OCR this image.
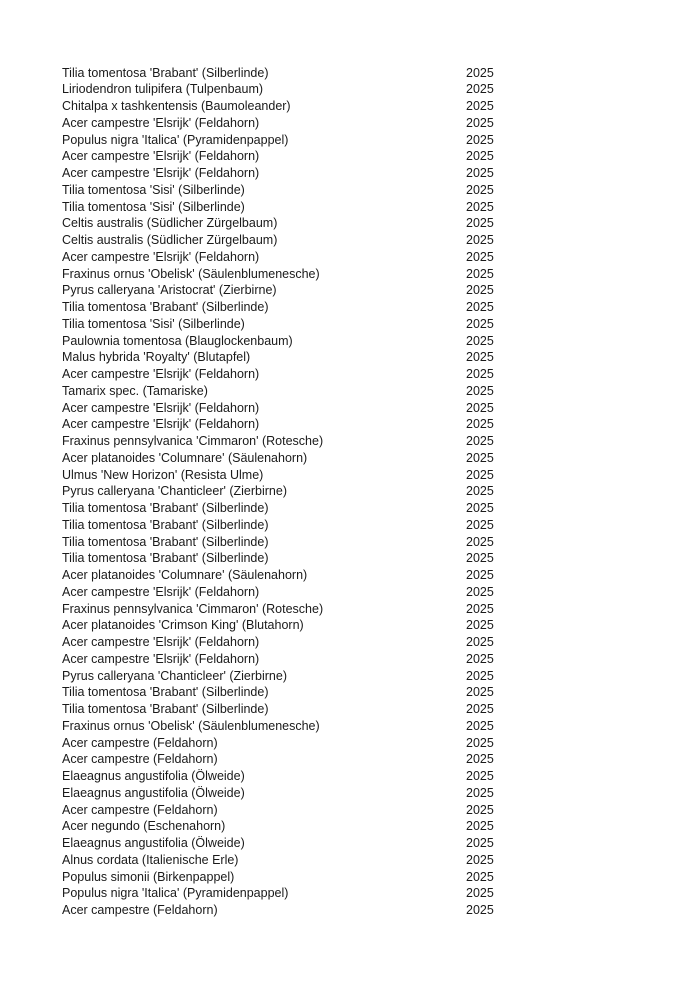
Tilia tomentosa 'Brabant' (Silberlinde)	2025
Liriodendron tulipifera (Tulpenbaum)	2025
Chitalpa x tashkentensis (Baumoleander)	2025
Acer campestre 'Elsrijk' (Feldahorn)	2025
Populus nigra 'Italica' (Pyramidenpappel)	2025
Acer campestre 'Elsrijk' (Feldahorn)	2025
Acer campestre 'Elsrijk' (Feldahorn)	2025
Tilia tomentosa 'Sisi' (Silberlinde)	2025
Tilia tomentosa 'Sisi' (Silberlinde)	2025
Celtis australis (Südlicher Zürgelbaum)	2025
Celtis australis (Südlicher Zürgelbaum)	2025
Acer campestre 'Elsrijk' (Feldahorn)	2025
Fraxinus ornus 'Obelisk' (Säulenblumenesche)	2025
Pyrus calleryana 'Aristocrat' (Zierbirne)	2025
Tilia tomentosa 'Brabant' (Silberlinde)	2025
Tilia tomentosa 'Sisi' (Silberlinde)	2025
Paulownia tomentosa (Blauglockenbaum)	2025
Malus hybrida 'Royalty' (Blutapfel)	2025
Acer campestre 'Elsrijk' (Feldahorn)	2025
Tamarix spec. (Tamariske)	2025
Acer campestre 'Elsrijk' (Feldahorn)	2025
Acer campestre 'Elsrijk' (Feldahorn)	2025
Fraxinus pennsylvanica 'Cimmaron' (Rotesche)	2025
Acer platanoides 'Columnare' (Säulenahorn)	2025
Ulmus 'New Horizon' (Resista Ulme)	2025
Pyrus calleryana 'Chanticleer' (Zierbirne)	2025
Tilia tomentosa 'Brabant' (Silberlinde)	2025
Tilia tomentosa 'Brabant' (Silberlinde)	2025
Tilia tomentosa 'Brabant' (Silberlinde)	2025
Tilia tomentosa 'Brabant' (Silberlinde)	2025
Acer platanoides 'Columnare' (Säulenahorn)	2025
Acer campestre 'Elsrijk' (Feldahorn)	2025
Fraxinus pennsylvanica 'Cimmaron' (Rotesche)	2025
Acer platanoides 'Crimson King' (Blutahorn)	2025
Acer campestre 'Elsrijk' (Feldahorn)	2025
Acer campestre 'Elsrijk' (Feldahorn)	2025
Pyrus calleryana 'Chanticleer' (Zierbirne)	2025
Tilia tomentosa 'Brabant' (Silberlinde)	2025
Tilia tomentosa 'Brabant' (Silberlinde)	2025
Fraxinus ornus 'Obelisk' (Säulenblumenesche)	2025
Acer campestre (Feldahorn)	2025
Acer campestre (Feldahorn)	2025
Elaeagnus angustifolia (Ölweide)	2025
Elaeagnus angustifolia (Ölweide)	2025
Acer campestre (Feldahorn)	2025
Acer negundo (Eschenahorn)	2025
Elaeagnus angustifolia (Ölweide)	2025
Alnus cordata (Italienische Erle)	2025
Populus simonii (Birkenpappel)	2025
Populus nigra 'Italica' (Pyramidenpappel)	2025
Acer campestre (Feldahorn)	2025
